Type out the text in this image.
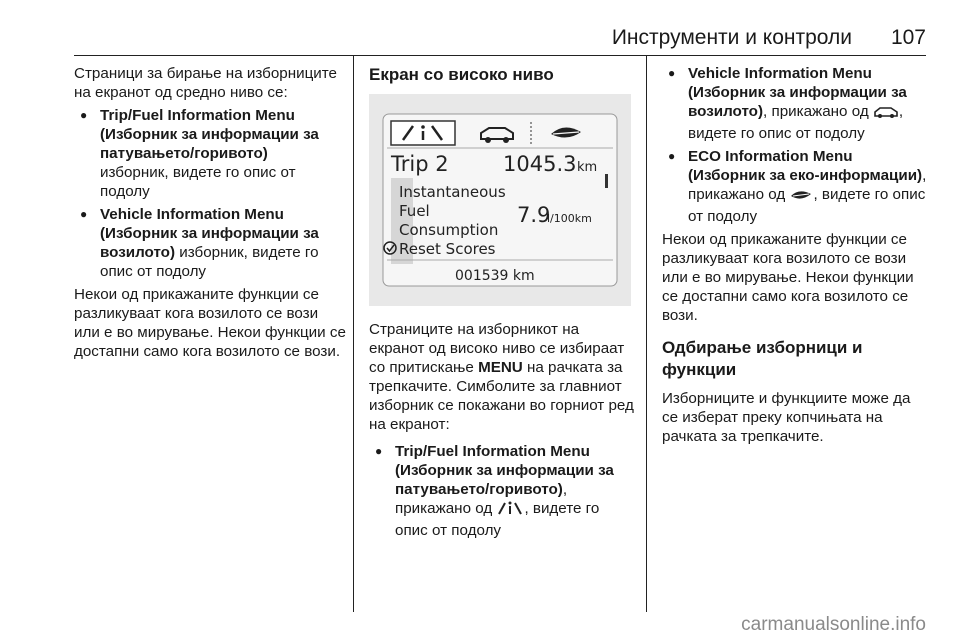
Инструменти и контроли 107

Страници за бирање на изборниците на екранот од средно ниво се:

● Trip/Fuel Information Menu (Изборник за информации за патувањето/горивото)
изборник, видете го опис от подолу
● Vehicle Information Menu (Изборник за информации за возилото) изборник, видете го опис от подолу

Некои од прикажаните функции се разликуваат кога возилото се вози или е во мирување. Некои функции се достапни само кога возилото се вози.

Екран со високо ниво
Trip 2	1045.3 km
Instantaneous
Fuel	7.9
l/100km
Consumption
Reset Scores
001539 km

Страниците на изборникот на екранот од високо ниво се избираат со притискање MENU на рачката за трепкачите. Симболите за главниот изборник се покажани во горниот ред на екранот:

● Trip/Fuel Information Menu (Изборник за информации за патувањето/горивото), прикажано од , видете го опис от подолу
● Vehicle Information Menu (Изборник за информации за возилото), прикажано од , видете го опис от подолу
● ECO Information Menu (Изборник за еко-информации), прикажано од , видете го опис от подолу

Некои од прикажаните функции се разликуваат кога возилото се вози или е во мирување. Некои функции се достапни само кога возилото се вози.

Одбирање изборници и функции

Изборниците и функциите може да се изберат преку копчињата на рачката за трепкачите.

carmanualsonline.info
